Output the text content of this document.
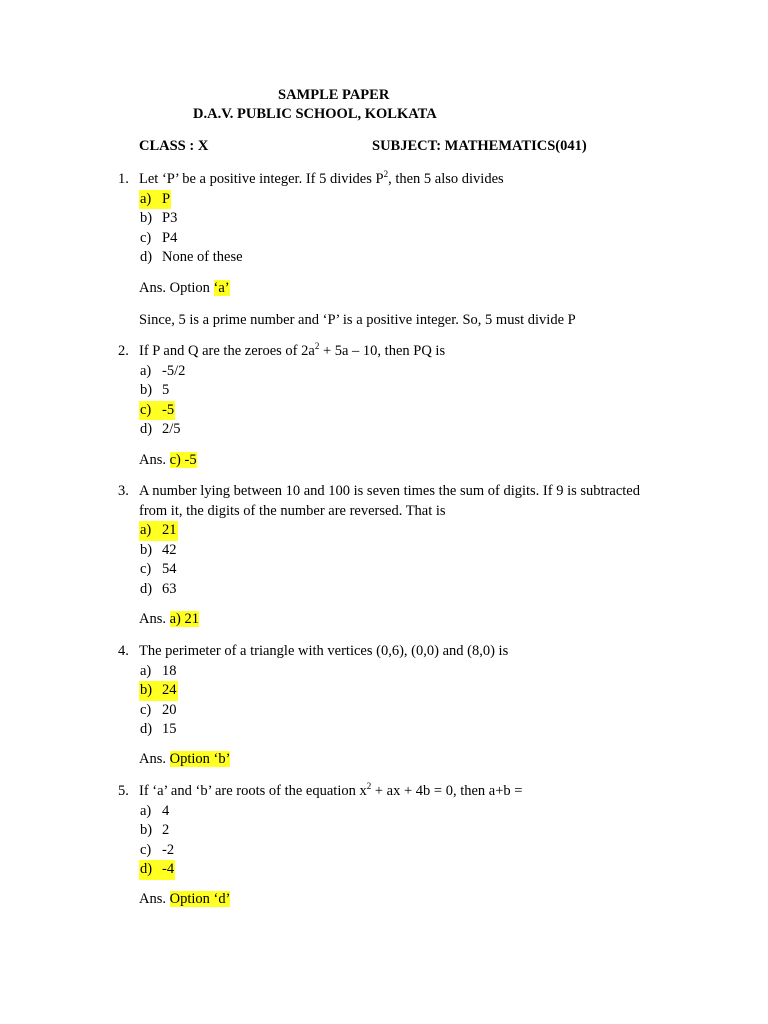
SAMPLE PAPER
D.A.V. PUBLIC SCHOOL, KOLKATA
CLASS : X	SUBJECT: MATHEMATICS(041)
1. Let ‘P’ be a positive integer. If 5 divides $P^2$, then 5 also divides
a) P
b) P3
c) P4
d) None of these
Ans. Option ‘a’
Since, 5 is a prime number and ‘P’ is a positive integer. So, 5 must divide P
2. If P and Q are the zeroes of $2a^2 + 5a - 10$, then PQ is
a) -5/2
b) 5
c) -5
d) 2/5
Ans. c) -5
3. A number lying between 10 and 100 is seven times the sum of digits. If 9 is subtracted
from it, the digits of the number are reversed. That is
a) 21
b) 42
c) 54
d) 63
Ans. a) 21
4. The perimeter of a triangle with vertices (0,6), (0,0) and (8,0) is
a) 18
b) 24
c) 20
d) 15
Ans. Option ‘b’
5. If ‘a’ and ‘b’ are roots of the equation $x^2$ + ax + 4b = 0, then a+b =
a) 4
b) 2
c) -2
d) -4
Ans. Option ‘d’
